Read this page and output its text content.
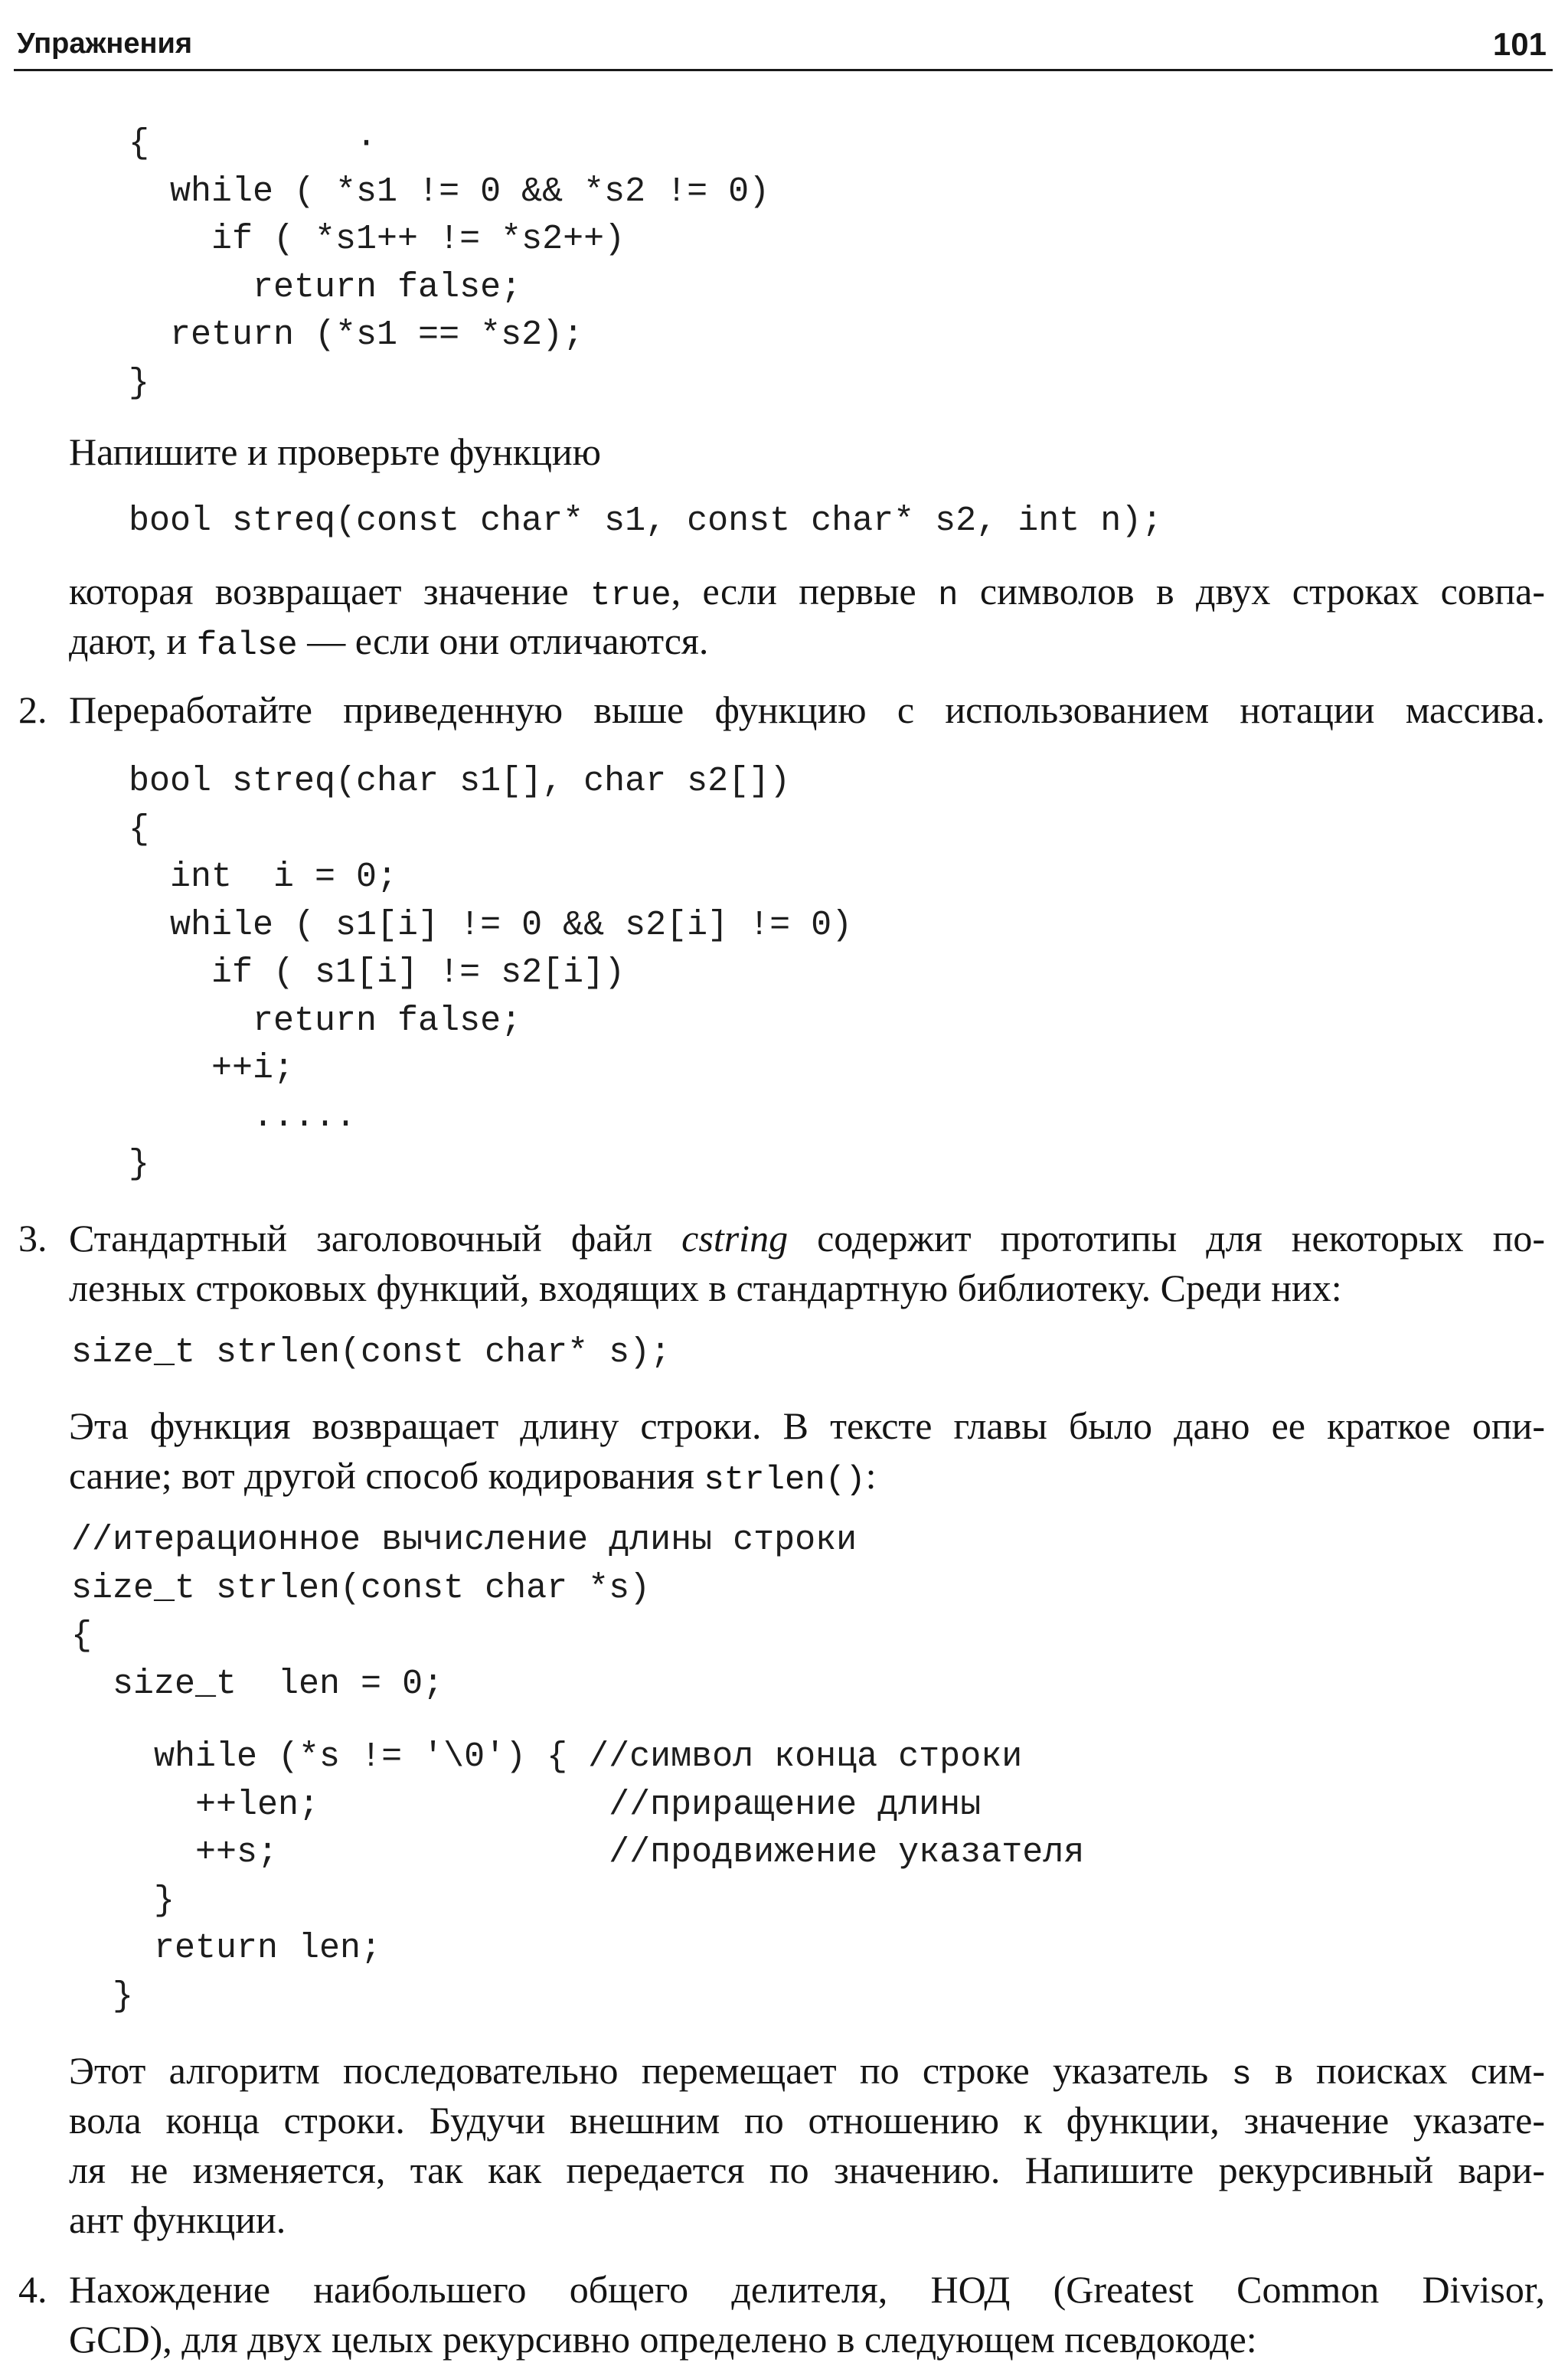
Упражнения	101
{          ·
while ( *s1 != 0 && *s2 != 0)
if ( *s1++ != *s2++)
return false;
return (*s1 == *s2);
}

Напишите и проверьте функцию

bool streq(const char* s1, const char* s2, int n);

которая возвращает значение true, если первые n символов в двух строках совпа-
дают, и false — если они отличаются.

2. Переработайте приведенную выше функцию с использованием нотации массива.

bool streq(char s1[], char s2[])
{
int  i = 0;
while ( s1[i] != 0 && s2[i] != 0)
if ( s1[i] != s2[i])
return false;
++i;
.....
}
3. Стандартный заголовочный файл cstring содержит прототипы для некоторых по-
лезных строковых функций, входящих в стандартную библиотеку. Среди них:

size_t strlen(const char* s);

Эта функция возвращает длину строки. В тексте главы было дано ее краткое опи-
сание; вот другой способ кодирования strlen():

//итерационное вычисление длины строки
size_t strlen(const char *s)
{
size_t  len = 0;
while (*s != '\0') { //символ конца строки
++len;              //приращение длины
++s;                //продвижение указателя
}
return len;
}

Этот алгоритм последовательно перемещает по строке указатель s в поисках сим-
вола конца строки. Будучи внешним по отношению к функции, значение указате-
ля не изменяется, так как передается по значению. Напишите рекурсивный вари-
ант функции.

4. Нахождение наибольшего общего делителя, НОД (Greatest Common Divisor,
GCD), для двух целых рекурсивно определено в следующем псевдокоде:
